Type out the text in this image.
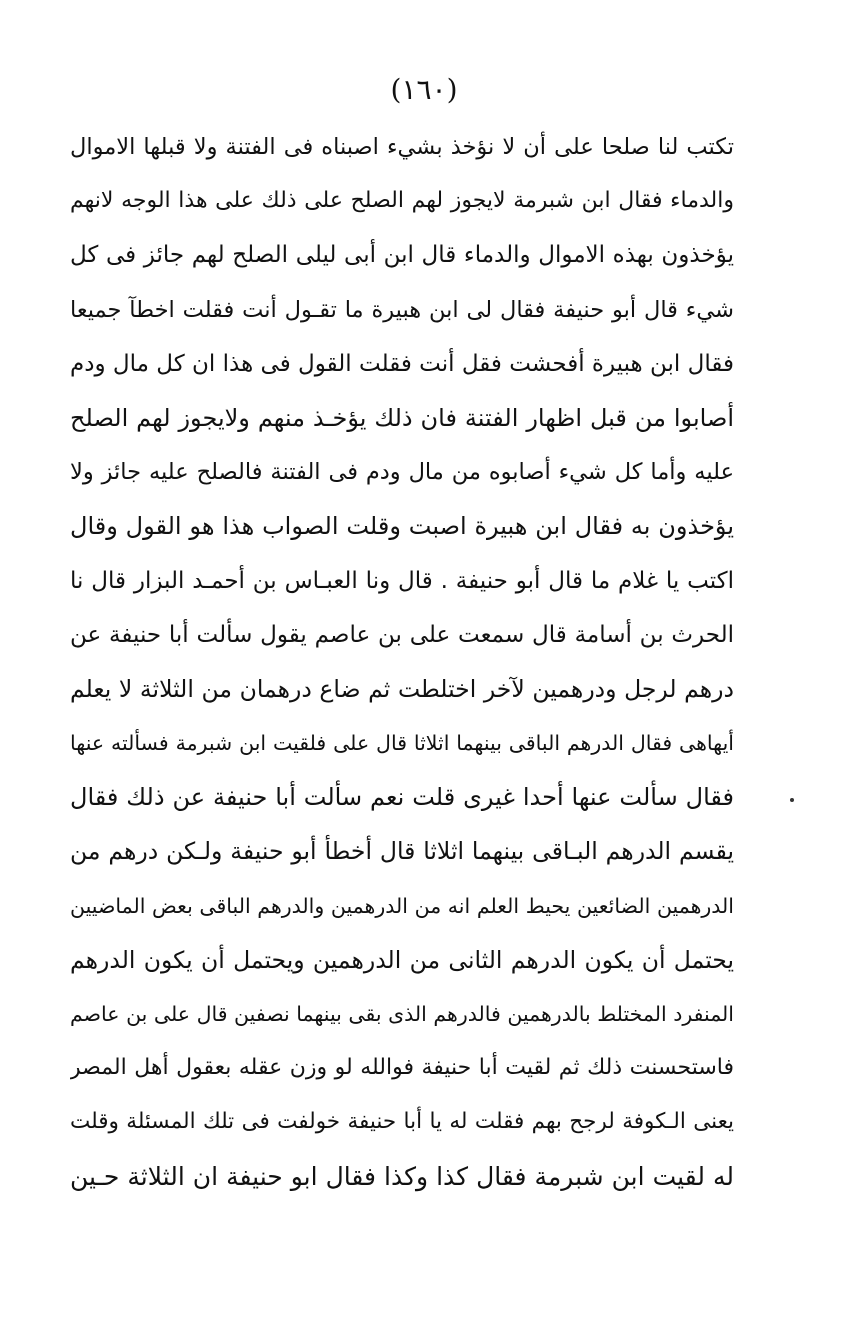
(١٦٠)
تكتب لنا صلحا على أن لا نؤخذ بشيء اصبناه فى الفتنة ولا قبلها الاموال
والدماء فقال ابن شبرمة لايجوز لهم الصلح على ذلك على هذا الوجه لانهم
يؤخذون بهذه الاموال والدماء قال ابن أبى ليلى الصلح لهم جائز فى كل
شيء قال أبو حنيفة فقال لى ابن هبيرة ما تقـول أنت فقلت اخطآ جميعا
فقال ابن هبيرة أفحشت فقل أنت فقلت القول فى هذا ان كل مال ودم
أصابوا من قبل اظهار الفتنة فان ذلك يؤخـذ منهم ولايجوز لهم الصلح
عليه وأما كل شيء أصابوه من مال ودم فى الفتنة فالصلح عليه جائز ولا
يؤخذون به فقال ابن هبيرة اصبت وقلت الصواب هذا هو القول وقال
اكتب يا غلام ما قال أبو حنيفة . قال ونا العبـاس بن أحمـد البزار قال نا
الحرث بن أسامة قال سمعت على بن عاصم يقول سألت أبا حنيفة عن
درهم لرجل ودرهمين لآخر اختلطت ثم ضاع درهمان من الثلاثة لا يعلم
أيهاهى فقال الدرهم الباقى بينهما اثلاثا قال على فلقيت ابن شبرمة فسألته عنها
فقال سألت عنها أحدا غيرى قلت نعم سألت أبا حنيفة عن ذلك فقال
يقسم الدرهم البـاقى بينهما اثلاثا قال أخطأ أبو حنيفة ولـكن درهم من
الدرهمين الضائعين يحيط العلم انه من الدرهمين والدرهم الباقى بعض الماضيين
يحتمل أن يكون الدرهم الثانى من الدرهمين ويحتمل أن يكون الدرهم
المنفرد المختلط بالدرهمين فالدرهم الذى بقى بينهما نصفين قال على بن عاصم
فاستحسنت ذلك ثم لقيت أبا حنيفة فوالله لو وزن عقله بعقول أهل المصر
يعنى الـكوفة لرجح بهم فقلت له يا أبا حنيفة خولفت فى تلك المسئلة وقلت
له لقيت ابن شبرمة فقال كذا وكذا فقال ابو حنيفة ان الثلاثة حـين
